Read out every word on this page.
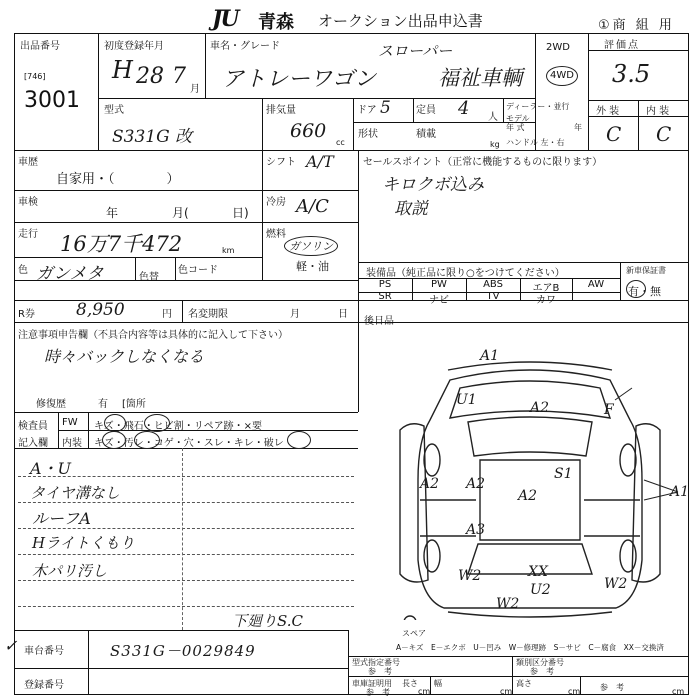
JU 青森 オークション出品申込書	①商 組 用
出品番号
[746]
3001
初度登録年月
H 28 7
月
車名・グレード	スローパー
アトレーワゴン	福祉車輌
2WD
4WD
評価点
3.5
外 装	内 装
C C
型式
S331G 改
排気量
660
cc
ドア 5	定員 4 人
ディーラー・並行
モデル
年 式	年
ハンドル 左・右
形状	積載
kg
車歴
自家用・（　　　　）
シフト A/T
冷房 A/C
車検
年	月(	日)
走行 16万7千472	km
燃料
ガソリン
軽・油
色 ガンメタ	色替
色コード
セールスポイント（正常に機能するものに限ります）
キロクボ込み
取説
装備品（純正品に限り○をつけてください）	新車保証書
有・無
PS	PW	ABS	エアB	AW
SR	ナビ	TV	カワ
R券 8,950	円 名変期限	月	日
後日品
注意事項申告欄（不具合内容等は具体的に記入して下さい）
時々バックしなくなる
修復歴	有 [箇所
検査員
記入欄
FW キズ・飛石・ヒビ割・リペア跡・×要
内装 キズ・汚レ・コゲ・穴・スレ・キレ・破レ
A・U
タイヤ溝なし
ルーフA
Hライトくもり
木パリ汚し
下廻りS.C
車台番号	S331G－0029849
登録番号
✓
A1
U1	A2	F
A2 A2
S1
A2
A3
A1
XX
U2
W2	W2
W2
スペア
A－キズ　E－エクボ　U－凹み　W－修理跡　S－サビ　C－腐食　XX－交換済
型式指定番号
参　考
類別区分番号
参　考
車庫証明用 長さ
参　考	cm
幅
cm
高さ
cm 参　考	cm
